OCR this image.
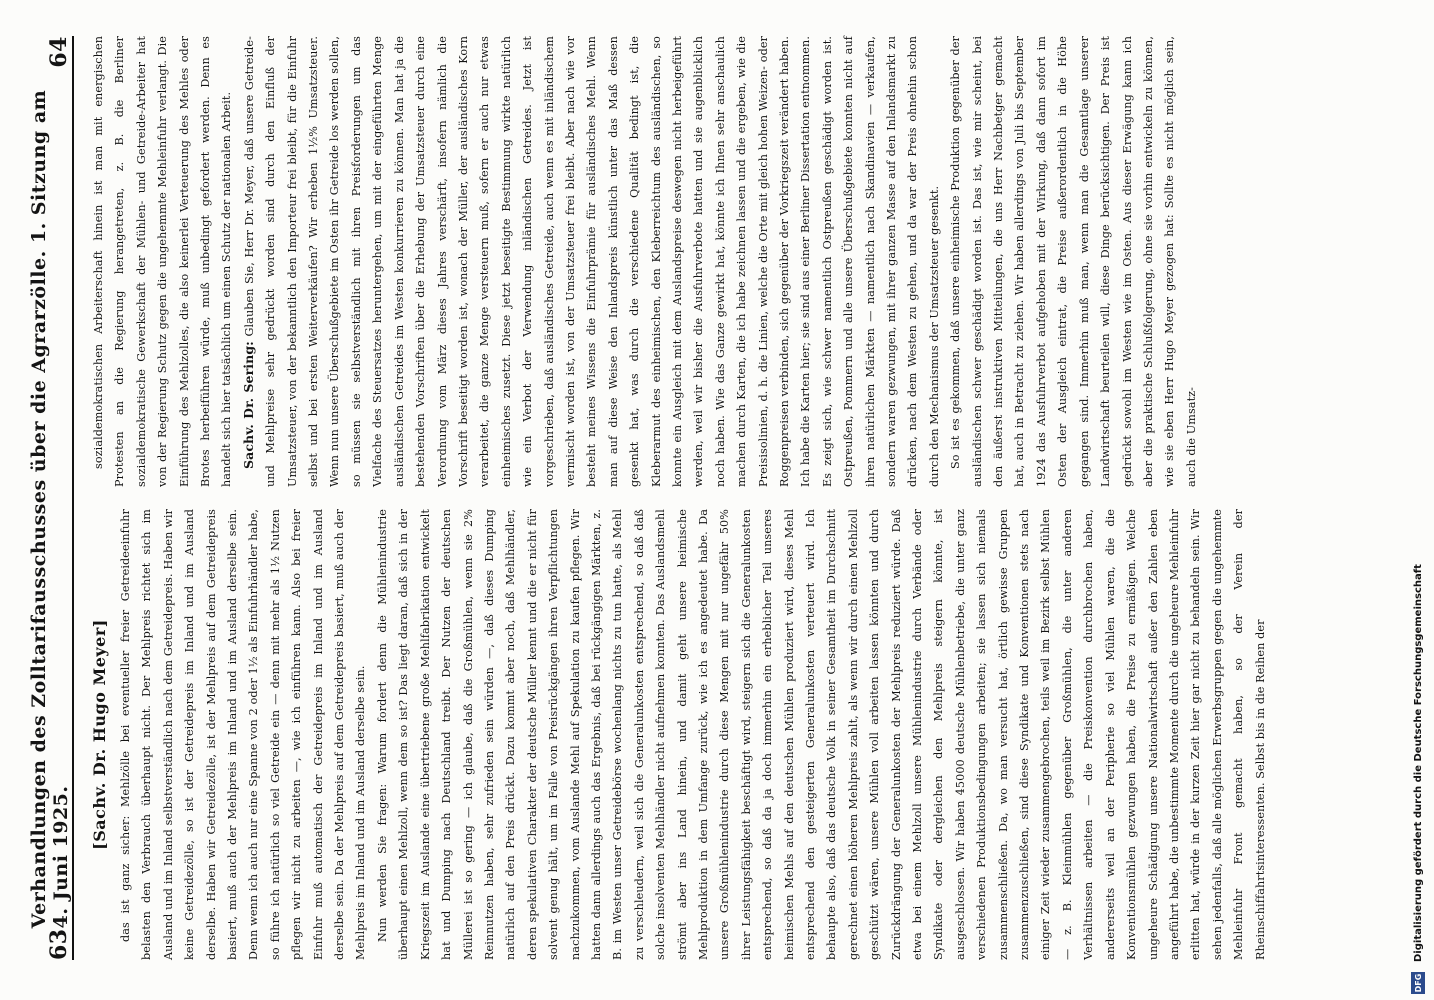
63
Verhandlungen des Zolltarifausschusses über die Agrarzölle. 1. Sitzung am 4. Juni 1925.
64
[Sachv. Dr. Hugo Meyer] das ist ganz sicher: Mehlzölle bei eventueller freier Getreideeinfuhr belasten den Verbrauch überhaupt nicht. Der Mehlpreis richtet sich im Ausland und im Inland selbstverständlich nach dem Getreidepreis. Haben wir keine Getreidezölle, so ist der Getreidepreis im Inland und im Ausland derselbe. Haben wir Getreidezölle, ist der Mehlpreis auf dem Getreidepreis basiert, muß auch der Mehlpreis im Inland und im Ausland derselbe sein. Denn wenn ich auch nur eine Spanne von 2 oder 1½ als Einfuhrhändler habe, so führe ich natürlich so viel Getreide ein — denn mit mehr als 1½ Nutzen pflegen wir nicht zu arbeiten —, wie ich einführen kann. Also bei freier Einfuhr muß automatisch der Getreidepreis im Inland und im Ausland derselbe sein. Da der Mehlpreis auf dem Getreidepreis basiert, muß auch der Mehlpreis im Inland und im Ausland derselbe sein. Nun werden Sie fragen: Warum fordert denn die Mühlenindustrie überhaupt einen Mehlzoll, wenn dem so ist? Das liegt daran, daß sich in der Kriegszeit im Auslande eine übertriebene große Mehlfabrikation entwickelt hat und Dumping nach Deutschland treibt. Der Nutzen der deutschen Müllerei ist so gering — ich glaube, daß die Großmühlen, wenn sie 2% Reinnutzen haben, sehr zufrieden sein würden —, daß dieses Dumping natürlich auf den Preis drückt. Dazu kommt aber noch, daß Mehlhändler, deren spekulativen Charakter der deutsche Müller kennt und die er nicht für solvent genug hält, um im Falle von Preisrückgängen ihren Verpflichtungen nachzukommen, vom Auslande Mehl auf Spekulation zu kaufen pflegen. Wir hatten dann allerdings auch das Ergebnis, daß bei rückgängigen Märkten, z. B. im Westen unser Getreidebörse wochenlang nichts zu tun hatte, als Mehl zu verschleudern, weil sich die Generalunkosten entsprechend, so daß daß solche insolventen Mehlhändler nicht aufnehmen konnten. Das Auslandsmehl strömt aber ins Land hinein, und damit geht unsere heimische Mehlproduktion in dem Umfange zurück, wie ich es angedeutet habe. Da unsere Großmühlenindustrie durch diese Mengen mit nur ungefähr 50% ihrer Leistungsfähigkeit beschäftigt wird, steigern sich die Generalunkosten entsprechend, so daß da ja doch immerhin ein erheblicher Teil unseres heimischen Mehls auf den deutschen Mühlen produziert wird, dieses Mehl entsprechend den gesteigerten Generalunkosten verteuert wird. Ich behaupte also, daß das deutsche Volk in seiner Gesamtheit im Durchschnitt gerechnet einen höheren Mehlpreis zahlt, als wenn wir durch einen Mehlzoll geschützt wären, unsere Mühlen voll arbeiten lassen könnten und durch Zurückdrängung der Generalunkosten der Mehlpreis reduziert würde. Daß etwa bei einem Mehlzoll unsere Mühlenindustrie durch Verbände oder Syndikate oder dergleichen den Mehlpreis steigern könnte, ist ausgeschlossen. Wir haben 45000 deutsche Mühlenbetriebe, die unter ganz verschiedenen Produktionsbedingungen arbeiten; sie lassen sich niemals zusammenschließen. Da, wo man versucht hat, örtlich gewisse Gruppen zusammenzuschließen, sind diese Syndikate und Konventionen stets nach einiger Zeit wieder zusammengebrochen, teils weil im Bezirk selbst Mühlen — z. B. Kleinmühlen gegenüber Großmühlen, die unter anderen Verhältnissen arbeiten — die Preiskonvention durchbrochen haben, andererseits weil an der Peripherie so viel Mühlen waren, die die Konventionsmühlen gezwungen haben, die Preise zu ermäßigen. Welche ungeheure Schädigung unsere Nationalwirtschaft außer den Zahlen eben angeführt habe, die unbestimmte Momente durch die ungeheure Mehleinfuhr erlitten hat, würde in der kurzen Zeit hier gar nicht zu behandeln sein. Wir sehen jedenfalls, daß alle möglichen Erwerbsgruppen gegen die ungehemmte Mehleinfuhr Front gemacht haben, so der Verein der Rheinschiffahrtsinteressenten. Selbst bis in die Reihen der

sozialdemokratischen Arbeiterschaft hinein ist man mit energischen Protesten an die Regierung herangetreten, z. B. die Berliner sozialdemokratische Gewerkschaft der Mühlen- und Getreide-Arbeiter hat von der Regierung Schutz gegen die ungehemmte Mehleinfuhr verlangt. Die Einführung des Mehlzolles, die also keinerlei Verteuerung des Mehles oder Brotes herbeiführen würde, muß unbedingt gefordert werden. Denn es handelt sich hier tatsächlich um einen Schutz der nationalen Arbeit. Sachv. Dr. Sering: Glauben Sie, Herr Dr. Meyer, daß unsere Getreide- und Mehlpreise sehr gedrückt worden sind durch den Einfluß der Umsatzsteuer, von der bekanntlich den Importeur frei bleibt, für die Einfuhr selbst und bei ersten Weiterverkäufen? Wir erheben 1½% Umsatzsteuer. Wenn nun unsere Überschußgebiete im Osten ihr Getreide los werden sollen, so müssen sie selbstverständlich mit ihren Preisforderungen um das Vielfache des Steuersatzes heruntergehen, um mit der eingeführten Menge ausländischen Getreides im Westen konkurrieren zu können. Man hat ja die bestehenden Vorschriften über die Erhebung der Umsatzsteuer durch eine Verordnung vom März dieses Jahres verschärft, insofern nämlich die Vorschrift beseitigt worden ist, wonach der Müller, der ausländisches Korn verarbeitet, die ganze Menge versteuern muß, sofern er auch nur etwas einheimisches zusetzt. Diese jetzt beseitigte Bestimmung wirkte natürlich wie ein Verbot der Verwendung inländischen Getreides. Jetzt ist vorgeschrieben, daß ausländisches Getreide, auch wenn es mit inländischem vermischt worden ist, von der Umsatzsteuer frei bleibt. Aber nach wie vor besteht meines Wissens die Einfuhrprämie für ausländisches Mehl. Wenn man auf diese Weise den Inlandspreis künstlich unter das Maß dessen gesenkt hat, was durch die verschiedene Qualität bedingt ist, die Kleberarmut des einheimischen, den Kleberreichtum des ausländischen, so konnte ein Ausgleich mit dem Auslandspreise deswegen nicht herbeigeführt werden, weil wir bisher die Ausfuhrverbote hatten und sie augenblicklich noch haben. Wie das Ganze gewirkt hat, könnte ich Ihnen sehr anschaulich machen durch Karten, die ich habe zeichnen lassen und die ergeben, wie die Preisisolinien, d. h. die Linien, welche die Orte mit gleich hohen Weizen- oder Roggenpreisen verbinden, sich gegenüber der Vorkriegszeit verändert haben. Ich habe die Karten hier; sie sind aus einer Berliner Dissertation entnommen. Es zeigt sich, wie schwer namentlich Ostpreußen geschädigt worden ist. Ostpreußen, Pommern und alle unsere Überschußgebiete konnten nicht auf ihren natürlichen Märkten — namentlich nach Skandinavien — verkaufen, sondern waren gezwungen, mit ihrer ganzen Masse auf den Inlandsmarkt zu drücken, nach dem Westen zu gehen, und da war der Preis ohnehin schon durch den Mechanismus der Umsatzsteuer gesenkt. So ist es gekommen, daß unsere einheimische Produktion gegenüber der ausländischen schwer geschädigt worden ist. Das ist, wie mir scheint, bei den äußerst instruktiven Mitteilungen, die uns Herr Nachbetger gemacht hat, auch in Betracht zu ziehen. Wir haben allerdings von Juli bis September 1924 das Ausfuhrverbot aufgehoben mit der Wirkung, daß dann sofort im Osten der Ausgleich eintrat, die Preise außerordentlich in die Höhe gegangen sind. Immerhin muß man, wenn man die Gesamtlage unserer Landwirtschaft beurteilen will, diese Dinge berücksichtigen. Der Preis ist gedrückt sowohl im Westen wie im Osten. Aus dieser Erwägung kann ich aber die praktische Schlußfolgerung, ohne sie vorhin entwickeln zu können, wie sie eben Herr Hugo Meyer gezogen hat: Sollte es nicht möglich sein, auch die Umsatz-

DFG
Digitalisierung gefördert durch die Deutsche Forschungsgemeinschaft
